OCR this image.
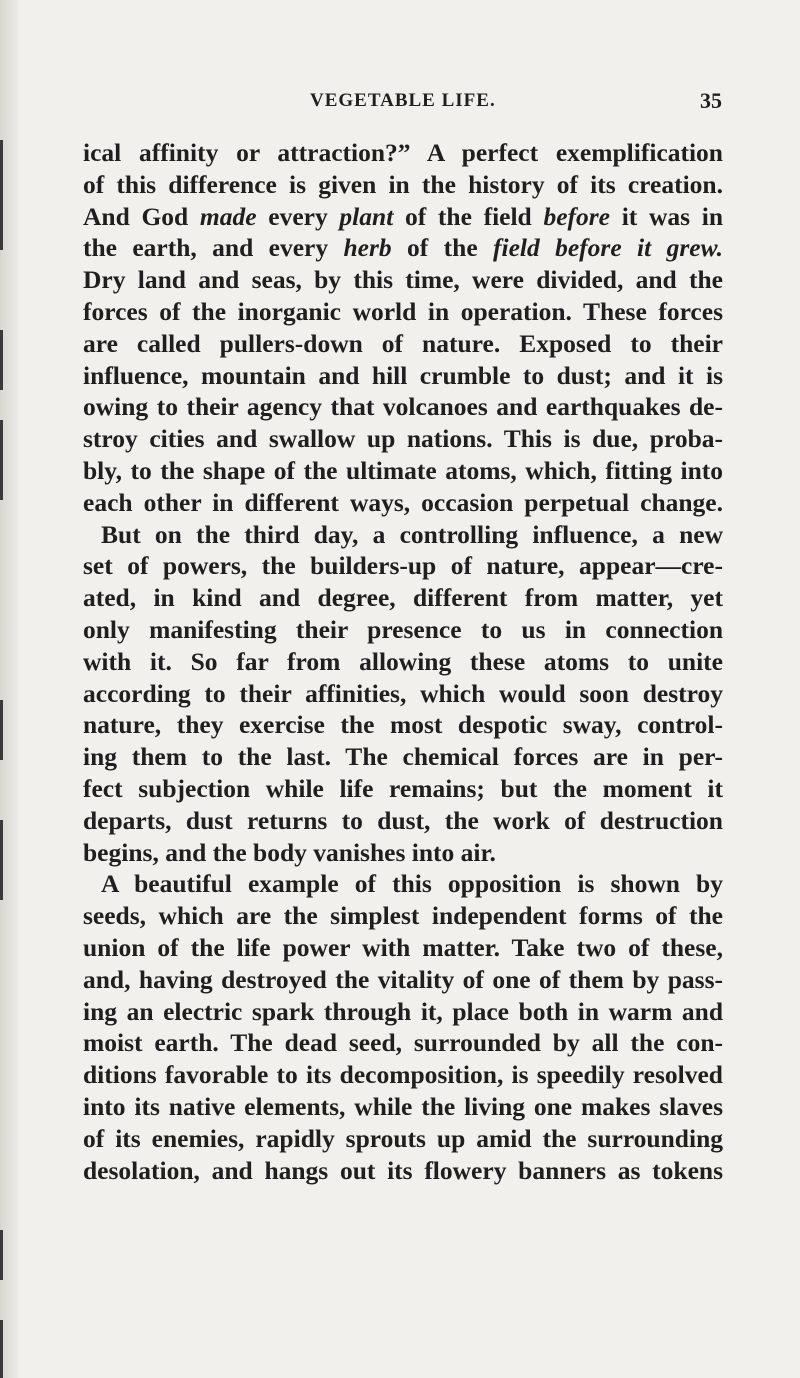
VEGETABLE LIFE.	35
ical affinity or attraction?” A perfect exemplification
of this difference is given in the history of its creation.
And God made every plant of the field before it was in
the earth, and every herb of the field before it grew.
Dry land and seas, by this time, were divided, and the
forces of the inorganic world in operation. These forces
are called pullers-down of nature. Exposed to their
influence, mountain and hill crumble to dust; and it is
owing to their agency that volcanoes and earthquakes de-
stroy cities and swallow up nations. This is due, proba-
bly, to the shape of the ultimate atoms, which, fitting into
each other in different ways, occasion perpetual change.
But on the third day, a controlling influence, a new
set of powers, the builders-up of nature, appear—cre-
ated, in kind and degree, different from matter, yet
only manifesting their presence to us in connection
with it. So far from allowing these atoms to unite
according to their affinities, which would soon destroy
nature, they exercise the most despotic sway, control-
ing them to the last. The chemical forces are in per-
fect subjection while life remains; but the moment it
departs, dust returns to dust, the work of destruction
begins, and the body vanishes into air.
A beautiful example of this opposition is shown by
seeds, which are the simplest independent forms of the
union of the life power with matter. Take two of these,
and, having destroyed the vitality of one of them by pass-
ing an electric spark through it, place both in warm and
moist earth. The dead seed, surrounded by all the con-
ditions favorable to its decomposition, is speedily resolved
into its native elements, while the living one makes slaves
of its enemies, rapidly sprouts up amid the surrounding
desolation, and hangs out its flowery banners as tokens
